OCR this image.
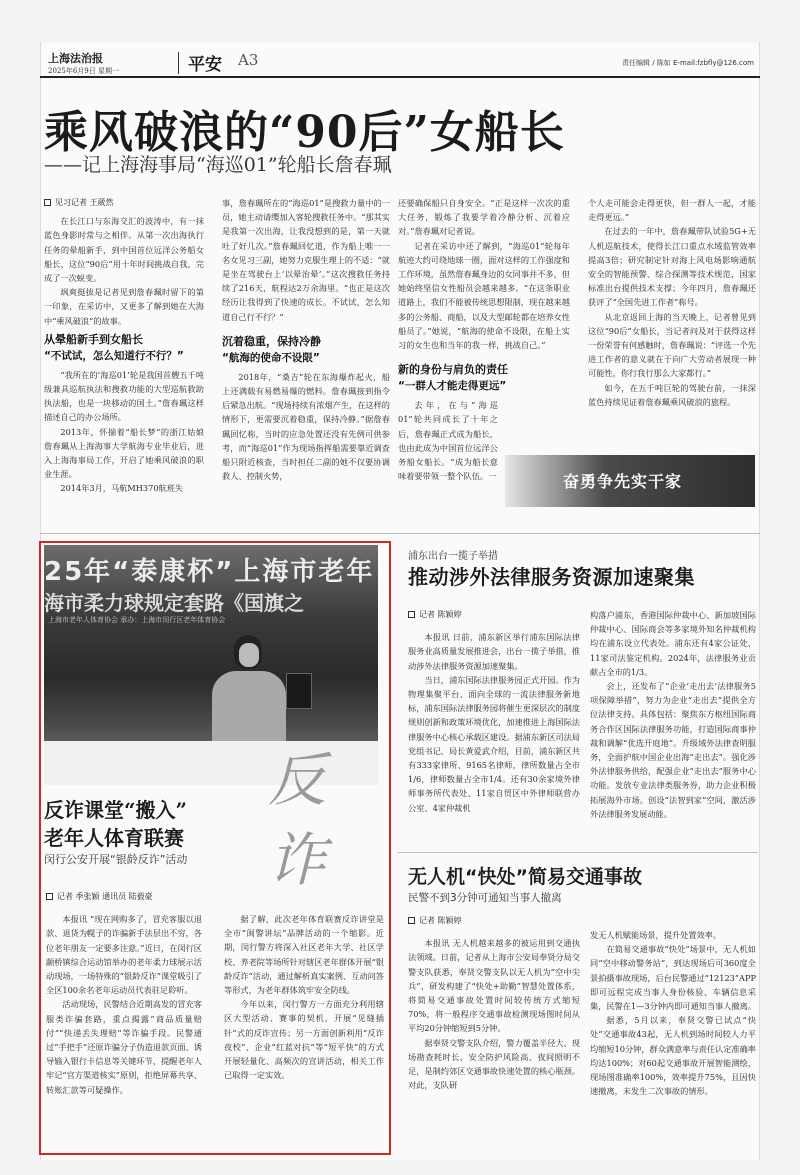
上海法治报
2025年6月9日 星期一	平安 A3	责任编辑 / 陈如 E-mail:fzbfly@126.com
乘风破浪的“90后”女船长
——记上海海事局“海巡01”轮船长詹春珮
见习记者 王葳然

在长江口与东海交汇的波涛中，有一抹蓝色身影时常与之相伴。从第一次出海执行任务的晕船新手，到中国首位远洋公务船女船长，这位“90后”用十年时间挑战自我，完成了一次蜕变。

飒爽挺拔是记者见到詹春珮时留下的第一印象，在采访中，又更多了解到她在大海中“乘风破浪”的故事。

从晕船新手到女船长
“不试试，怎么知道行不行？”

“我所在的‘海巡01’轮是我国首艘五千吨级兼具巡航执法和搜救功能的大型巡航救助执法船，也是一块移动的国土。”詹春珮这样描述自己的办公场所。

2013年，怀揣着“船长梦”的浙江姑娘詹春珮从上海海事大学航海专业毕业后，进入上海海事局工作，开启了她乘风破浪的职业生涯。

2014年3月，马航MH370航班失

事，詹春珮所在的“海巡01”是搜救力量中的一员，她主动请缨加入客轮搜救任务中。“那其实是我第一次出海，让我没想到的是，第一天就吐了好几次。”詹春珮回忆道，作为船上唯一一名女见习三副，她努力克服生理上的不适：“就是坐在驾驶台上‘以晕治晕’。”这次搜救任务持续了216天，航程达2万余海里。“也正是这次经历让我得到了快速的成长。不试试，怎么知道自己行不行？”

沉着稳重，保持冷静
“航海的使命不设限”

2018年，“桑吉”轮在东海爆炸起火，船上还满载有易燃易爆的燃料。詹春珮接到指令后紧急出航。“现场持续有浓烟产生，在这样的情形下，更需要沉着稳重，保持冷静。”据詹春珮回忆称，当时的应急处置还没有先例可供参考，而“海巡01”作为现场指挥船需要靠近调查船只附近核查，当时担任二副的她不仅要协调救人、控制火势，

还要确保船只自身安全。“正是这样一次次的重大任务，锻炼了我要学着冷静分析、沉着应对。”詹春珮对记者说。

记者在采访中还了解到，“海巡01”轮每年航迹大约可绕地球一圈，面对这样的工作强度和工作环境，虽然詹春珮身边的女同事并不多，但她始终坚信女性船员会越来越多。“在这条职业道路上，我们不能被传统思想限制，现在越来越多的公务船、商船，以及大型邮轮都在培养女性船员了。”她说，“航海的使命不设限，在船上实习的女生也和当年的我一样，挑战自己。”

新的身份与肩负的责任
“一群人才能走得更远”

去年，在与“海巡01”轮共同成长了十年之后，詹春珮正式成为船长，也由此成为中国首位远洋公务船女船长。“成为船长意味着要带领一整个队伍。一

个人走可能会走得更快，但一群人一起，才能走得更远。”

在过去的一年中，詹春珮带队试验5G+无人机巡航技术，使得长江口重点水域监管效率提高3倍；研究制定针对海上风电场影响通航安全的智能预警、综合探测等技术规范，国家标准出台提供技术支撑；今年四月，詹春珮还获评了“全国先进工作者”称号。

从北京返回上海的当天晚上，记者曾见到这位“90后”女船长，当记者问及对于获得这样一份荣誉有何感触时，詹春珮说：“评选一个先进工作者的意义就在于向广大劳动者展现一种可能性，你行我行那么大家都行。”

如今，在五千吨巨轮的驾驶台前，一抹深蓝色持续见证着詹春珮乘风破浪的旅程。

奋勇争先实干家
25年“泰康杯”上海市老年
海市柔力球规定套路《国旗之
上海市老年人体育协会 承办：上海市闵行区老年体育协会
反诈
反诈课堂“搬入”
老年人体育联赛
闵行公安开展“银龄反诈”活动
记者 季张颖 通讯员 陆毅豪

本报讯 “现在网购多了，冒充客服以退款、退货为幌子的诈骗新手法层出不穷，各位老年朋友一定要多注意。”近日，在闵行区颛桥镇综合运动馆举办的老年柔力球展示活动现场，一场特殊的“银龄反诈”课堂吸引了全区100余名老年运动员代表驻足聆听。

活动现场，民警结合近期高发的冒充客服类诈骗套路，重点揭露“商品质量赔付”“快递丢失理赔”等诈骗手段。民警通过“手把手”还原诈骗分子伪造退款页面、诱导输入银行卡信息等关键环节，提醒老年人牢记“官方渠道核实”原则，拒绝屏幕共享、转账汇款等可疑操作。

据了解，此次老年体育联赛反诈讲堂是全市“闽警讲坛”品牌活动的一个缩影。近期，闵行警方将深入社区老年大学、社区学校、养老院等场所针对辖区老年群体开展“银龄反诈”活动，通过解析真实案例、互动问答等形式，为老年群体筑牢安全防线。

今年以来，闵行警方一方面充分利用辖区大型活动、赛事的契机，开展“见缝插针”式的反诈宣传；另一方面创新利用“反诈夜校”、企业“红蓝对抗”等“短平快”的方式开展轻量化、高频次的宣讲活动，相关工作已取得一定实效。

浦东出台一揽子举措
推动涉外法律服务资源加速聚集
记者 陈颖婷

本报讯 日前，浦东新区举行浦东国际法律服务业高质量发展推进会，出台一揽子举措，推动涉外法律服务资源加速聚集。

当日，浦东国际法律服务园正式开园。作为物理集聚平台、面向全球的一流法律服务新地标，浦东国际法律服务园将催生更深层次的制度规则创新和政策环境优化，加速推进上海国际法律服务中心核心承载区建设。据浦东新区司法局党组书记、局长黄爱武介绍，目前，浦东新区共有333家律所、9165名律师，律所数量占全市1/6，律师数量占全市1/4。还有30余家境外律师事务所代表处、11家自贸区中外律师联营办公室、4家仲裁机

构落户浦东，香港国际仲裁中心、新加坡国际仲裁中心、国际商会等多家境外知名仲裁机构均在浦东设立代表处。浦东还有4家公证处、11家司法鉴定机构。2024年，法律服务业贡献占全市的1/3。

会上，还发布了“企业‘走出去’法律服务5项保障举措”，努力为企业“走出去”提供全方位法律支持。具体包括：聚焦东方枢纽国际商务合作区国际法律服务功能，打造国际商事仲裁和调解“优选开庭地”。升级域外法律查明服务，全面护航中国企业出海“走出去”。强化涉外法律服务供给，配强企业“走出去”服务中心功能。发放专业法律类服务券，助力企业积极拓展海外市场。创设“法智到家”空间，激活涉外法律服务发展动能。

无人机“快处”简易交通事故
民警不到3分钟可通知当事人撤离
记者 陈颖婷

本报讯 无人机越来越多的被运用到交通执法领域。日前，记者从上海市公安局奉贤分局交警支队获悉，奉贤交警支队以无人机为“空中尖兵”，研发构建了“快处+助勤”智慧处置体系，将简易交通事故处置时间较传统方式缩短70%，将一般程序交通事故检测现场图时间从平均20分钟缩短到5分钟。

据奉贤交警支队介绍，警力覆盖半径大、现场勘查耗时长、安全防护风险高、夜间照明不足，是制约郊区交通事故快速处置的核心瓶颈。对此，支队研

发无人机赋能场景，提升处置效率。

在简易交通事故“快处”场景中，无人机如同“空中移动警务站”，到达现场后可360度全景拍摄事故现场，后台民警通过“12123”APP即可远程完成当事人身份核验、车辆信息采集，民警在1—3分钟内即可通知当事人撤离。

据悉，5月以来，奉贤交警已试点“快处”交通事故43起，无人机到场时间较人力平均缩短10分钟，群众满意率与责任认定准确率均达100%；对60起交通事故开展智能测绘，现场图准确率100%，效率提升75%，且因快速撤离，未发生二次事故的情形。
